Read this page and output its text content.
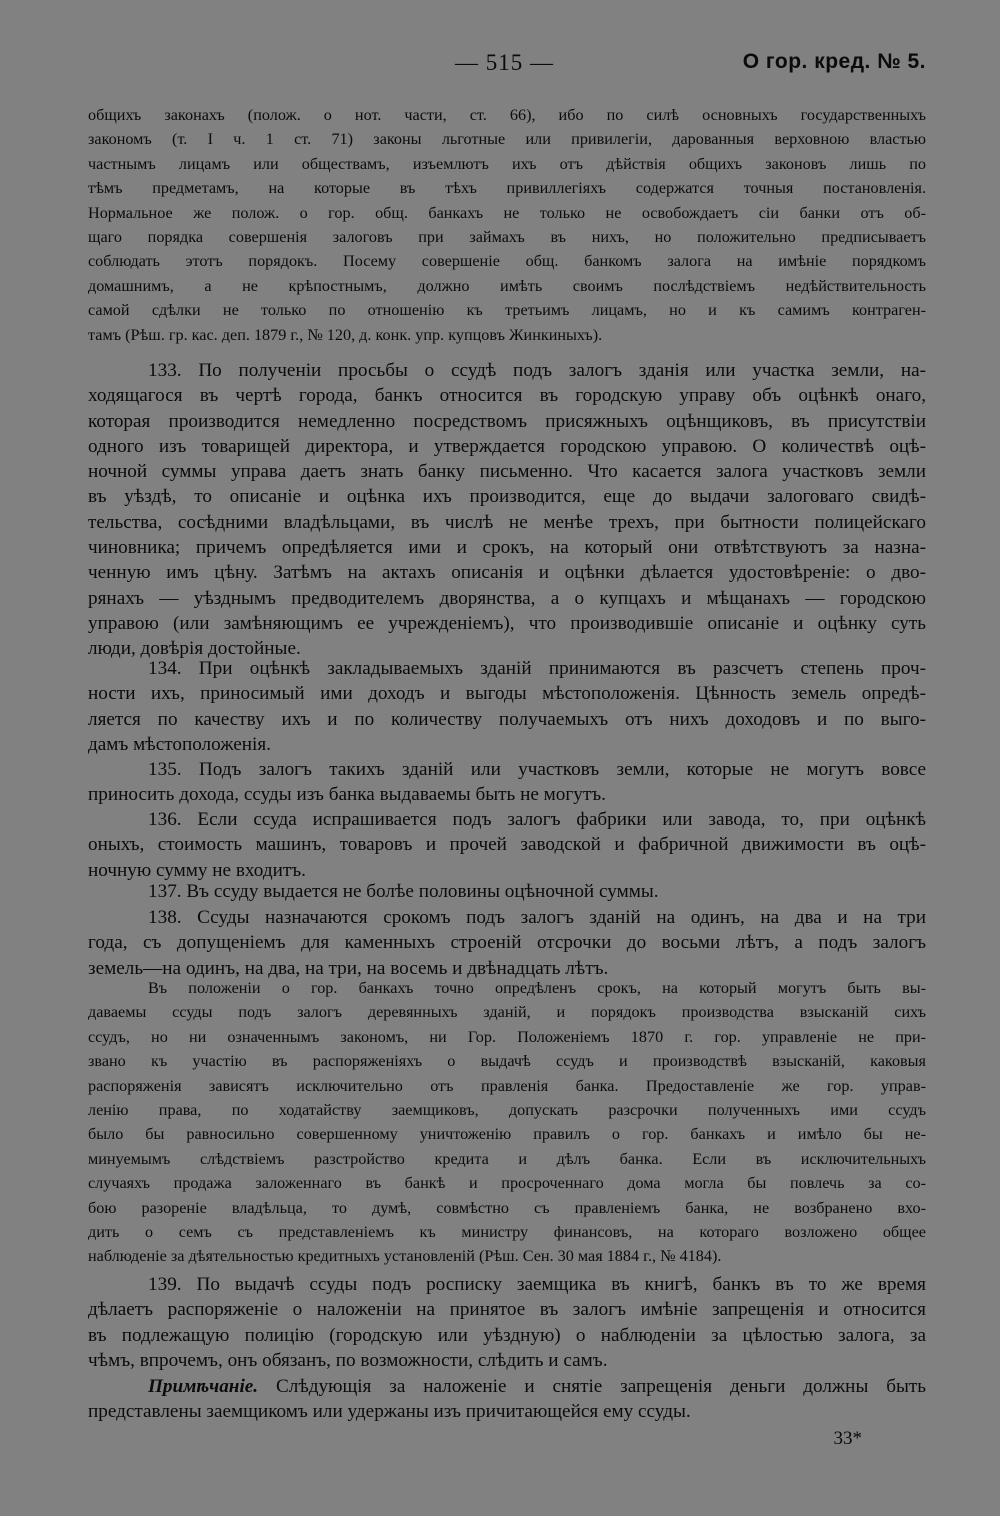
— 515 —	О гор. кред. № 5.
общихъ законахъ (полож. о нот. части, ст. 66), ибо по силѣ основныхъ государственныхъ
закономъ (т. I ч. 1 ст. 71) законы льготные или привилегіи, дарованныя верховною властью
частнымъ лицамъ или обществамъ, изъемлютъ ихъ отъ дѣйствія общихъ законовъ лишь по
тѣмъ предметамъ, на которые въ тѣхъ привиллегіяхъ содержатся точныя постановленія.
Нормальное же полож. о гор. общ. банкахъ не только не освобождаетъ сіи банки отъ об-
щаго порядка совершенія залоговъ при займахъ въ нихъ, но положительно предписываетъ
соблюдать этотъ порядокъ. Посему совершеніе общ. банкомъ залога на имѣніе порядкомъ
домашнимъ, а не крѣпостнымъ, должно имѣть своимъ послѣдствіемъ недѣйствительность
самой сдѣлки не только по отношенію къ третьимъ лицамъ, но и къ самимъ контраген-
тамъ (Рѣш. гр. кас. деп. 1879 г., № 120, д. конк. упр. купцовъ Жинкиныхъ).
133. По полученіи просьбы о ссудѣ подъ залогъ зданія или участка земли, на-
ходящагося въ чертѣ города, банкъ относится въ городскую управу объ оцѣнкѣ онаго,
которая производится немедленно посредствомъ присяжныхъ оцѣнщиковъ, въ присутствіи
одного изъ товарищей директора, и утверждается городскою управою. О количествѣ оцѣ-
ночной суммы управа даетъ знать банку письменно. Что касается залога участковъ земли
въ уѣздѣ, то описаніе и оцѣнка ихъ производится, еще до выдачи залоговаго свидѣ-
тельства, сосѣдними владѣльцами, въ числѣ не менѣе трехъ, при бытности полицейскаго
чиновника; причемъ опредѣляется ими и срокъ, на который они отвѣтствуютъ за назна-
ченную имъ цѣну. Затѣмъ на актахъ описанія и оцѣнки дѣлается удостовѣреніе: о дво-
рянахъ — уѣзднымъ предводителемъ дворянства, а о купцахъ и мѣщанахъ — городскою
управою (или замѣняющимъ ее учрежденіемъ), что производившіе описаніе и оцѣнку суть
люди, довѣрія достойные.
134. При оцѣнкѣ закладываемыхъ зданій принимаются въ разсчетъ степень проч-
ности ихъ, приносимый ими доходъ и выгоды мѣстоположенія. Цѣнность земель опредѣ-
ляется по качеству ихъ и по количеству получаемыхъ отъ нихъ доходовъ и по выго-
дамъ мѣстоположенія.
135. Подъ залогъ такихъ зданій или участковъ земли, которые не могутъ вовсе
приносить дохода, ссуды изъ банка выдаваемы быть не могутъ.
136. Если ссуда испрашивается подъ залогъ фабрики или завода, то, при оцѣнкѣ
оныхъ, стоимость машинъ, товаровъ и прочей заводской и фабричной движимости въ оцѣ-
ночную сумму не входитъ.
137. Въ ссуду выдается не болѣе половины оцѣночной суммы.
138. Ссуды назначаются срокомъ подъ залогъ зданій на одинъ, на два и на три
года, съ допущеніемъ для каменныхъ строеній отсрочки до восьми лѣтъ, а подъ залогъ
земель—на одинъ, на два, на три, на восемь и двѣнадцать лѣтъ.
Въ положеніи о гор. банкахъ точно опредѣленъ срокъ, на который могутъ быть вы-
даваемы ссуды подъ залогъ деревянныхъ зданій, и порядокъ производства взысканій сихъ
ссудъ, но ни означеннымъ закономъ, ни Гор. Положеніемъ 1870 г. гор. управленіе не при-
звано къ участію въ распоряженіяхъ о выдачѣ ссудъ и производствѣ взысканій, каковыя
распоряженія зависятъ исключительно отъ правленія банка. Предоставленіе же гор. управ-
ленію права, по ходатайству заемщиковъ, допускать разсрочки полученныхъ ими ссудъ
было бы равносильно совершенному уничтоженію правилъ о гор. банкахъ и имѣло бы не-
минуемымъ слѣдствіемъ разстройство кредита и дѣлъ банка. Если въ исключительныхъ
случаяхъ продажа заложеннаго въ банкѣ и просроченнаго дома могла бы повлечь за со-
бою разореніе владѣльца, то думѣ, совмѣстно съ правленіемъ банка, не возбранено вхо-
дить о семъ съ представленіемъ къ министру финансовъ, на котораго возложено общее
наблюденіе за дѣятельностью кредитныхъ установленій (Рѣш. Сен. 30 мая 1884 г., № 4184).
139. По выдачѣ ссуды подъ росписку заемщика въ книгѣ, банкъ въ то же время
дѣлаетъ распоряженіе о наложеніи на принятое въ залогъ имѣніе запрещенія и относится
въ подлежащую полицію (городскую или уѣздную) о наблюденіи за цѣлостью залога, за
чѣмъ, впрочемъ, онъ обязанъ, по возможности, слѣдить и самъ.
Примѣчаніе. Слѣдующія за наложеніе и снятіе запрещенія деньги должны быть
представлены заемщикомъ или удержаны изъ причитающейся ему ссуды.
33*
